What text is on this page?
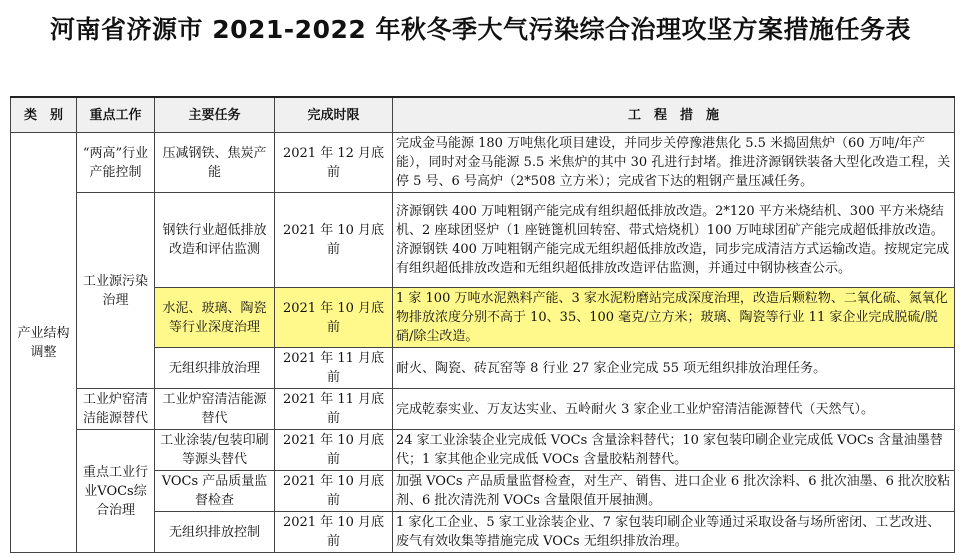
河南省济源市 2021-2022 年秋冬季大气污染综合治理攻坚方案措施任务表
类　别	重点工作	主要任务	完成时限	工　程　措　施
产业结构调整	“两高”行业产能控制	压减钢铁、焦炭产能	2021 年 12 月底前	完成金马能源 180 万吨焦化项目建设，并同步关停豫港焦化 5.5 米捣固焦炉（60 万吨/年产能），同时对金马能源 5.5 米焦炉的其中 30 孔进行封堵。推进济源钢铁装备大型化改造工程，关停 5 号、6 号高炉（2*508 立方米）；完成省下达的粗钢产量压减任务。
	工业源污染治理	钢铁行业超低排放改造和评估监测	2021 年 10 月底前	济源钢铁 400 万吨粗钢产能完成有组织超低排放改造。2*120 平方米烧结机、300 平方米烧结机、2 座球团竖炉（1 座链篦机回转窑、带式焙烧机）100 万吨球团矿产能完成超低排放改造。济源钢铁 400 万吨粗钢产能完成无组织超低排放改造，同步完成清洁方式运输改造。按规定完成有组织超低排放改造和无组织超低排放改造评估监测，并通过中钢协核查公示。
		水泥、玻璃、陶瓷等行业深度治理	2021 年 10 月底前	1 家 100 万吨水泥熟料产能、3 家水泥粉磨站完成深度治理，改造后颗粒物、二氧化硫、氮氧化物排放浓度分别不高于 10、35、100 毫克/立方米；玻璃、陶瓷等行业 11 家企业完成脱硫/脱硝/除尘改造。
		无组织排放治理	2021 年 11 月底前	耐火、陶瓷、砖瓦窑等 8 行业 27 家企业完成 55 项无组织排放治理任务。
	工业炉窑清洁能源替代	工业炉窑清洁能源替代	2021 年 11 月底前	完成乾泰实业、万友达实业、五岭耐火 3 家企业工业炉窑清洁能源替代（天然气）。
	重点工业行业VOCs综合治理	工业涂装/包装印刷等源头替代	2021 年 10 月底前	24 家工业涂装企业完成低 VOCs 含量涂料替代；10 家包装印刷企业完成低 VOCs 含量油墨替代；1 家其他企业完成低 VOCs 含量胶粘剂替代。
		VOCs 产品质量监督检查	2021 年 10 月底前	加强 VOCs 产品质量监督检查，对生产、销售、进口企业 6 批次涂料、6 批次油墨、6 批次胶粘剂、6 批次清洗剂 VOCs 含量限值开展抽测。
		无组织排放控制	2021 年 10 月底前	1 家化工企业、5 家工业涂装企业、7 家包装印刷企业等通过采取设备与场所密闭、工艺改进、废气有效收集等措施完成 VOCs 无组织排放治理。
